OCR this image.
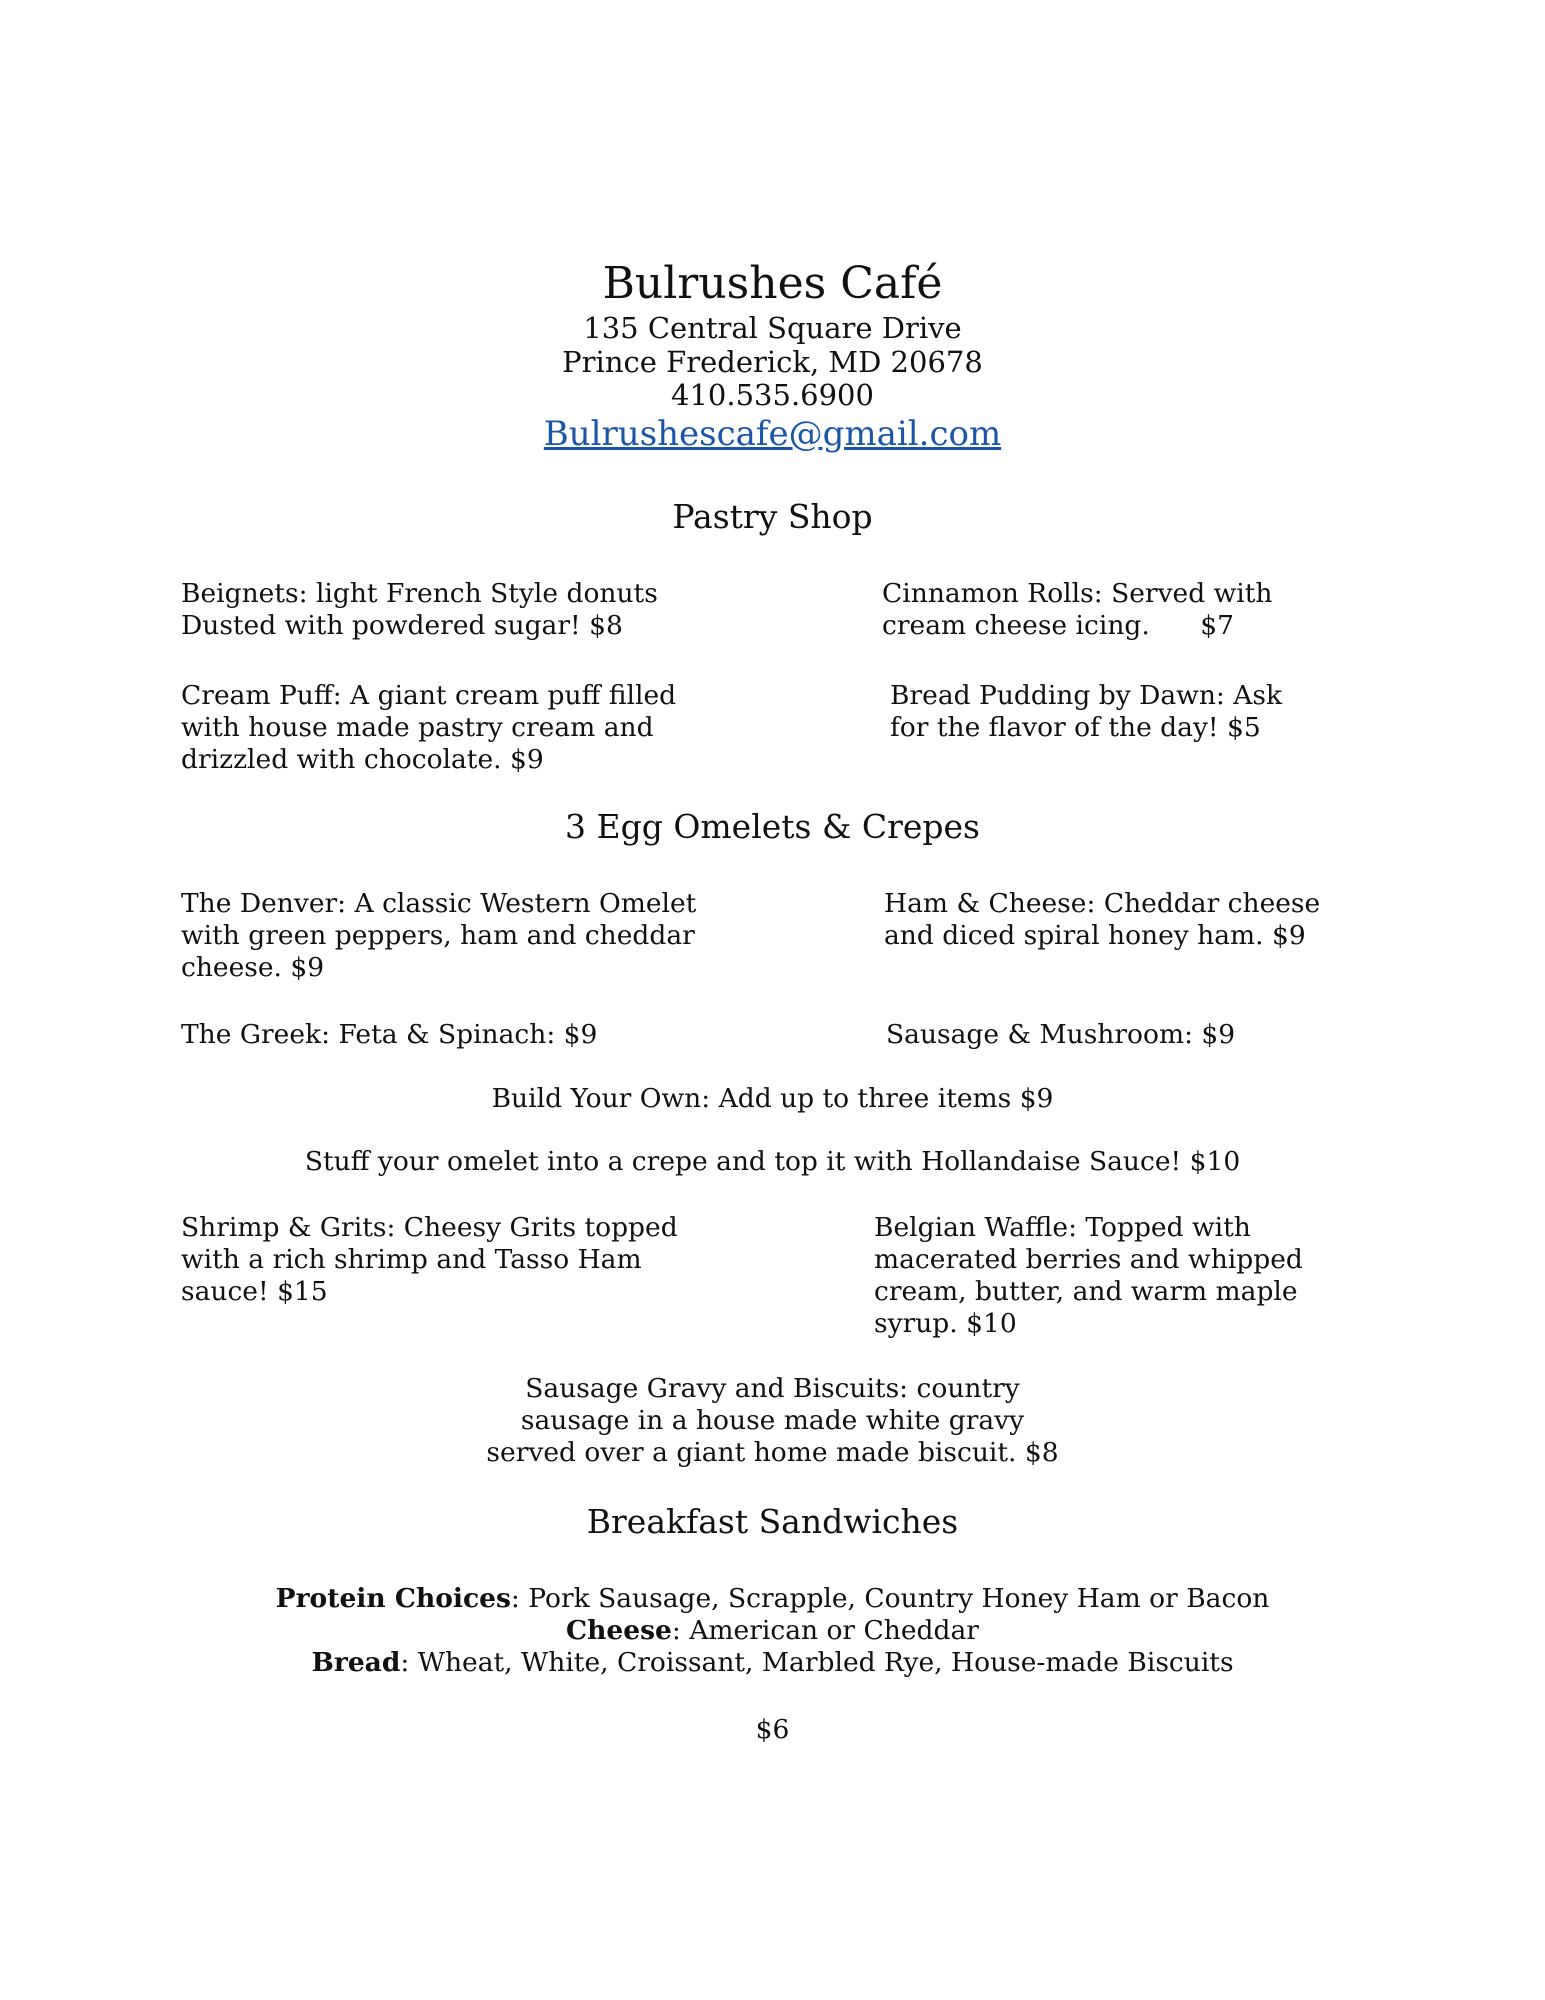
Bulrushes Café
135 Central Square Drive
Prince Frederick, MD 20678
410.535.6900
Bulrushescafe@gmail.com
Pastry Shop
Beignets: light French Style donuts
Dusted with powdered sugar! $8
Cinnamon Rolls: Served with
cream cheese icing.      $7
Cream Puff: A giant cream puff filled
with house made pastry cream and
drizzled with chocolate. $9
Bread Pudding by Dawn: Ask
for the flavor of the day! $5
3 Egg Omelets & Crepes
The Denver: A classic Western Omelet
with green peppers, ham and cheddar
cheese. $9
Ham & Cheese: Cheddar cheese
and diced spiral honey ham. $9
The Greek: Feta & Spinach: $9	Sausage & Mushroom: $9
Build Your Own: Add up to three items $9
Stuff your omelet into a crepe and top it with Hollandaise Sauce! $10
Shrimp & Grits: Cheesy Grits topped
with a rich shrimp and Tasso Ham
sauce! $15
Belgian Waffle: Topped with
macerated berries and whipped
cream, butter, and warm maple
syrup. $10
Sausage Gravy and Biscuits: country
sausage in a house made white gravy
served over a giant home made biscuit. $8
Breakfast Sandwiches
Protein Choices: Pork Sausage, Scrapple, Country Honey Ham or Bacon
Cheese: American or Cheddar
Bread: Wheat, White, Croissant, Marbled Rye, House-made Biscuits
$6
